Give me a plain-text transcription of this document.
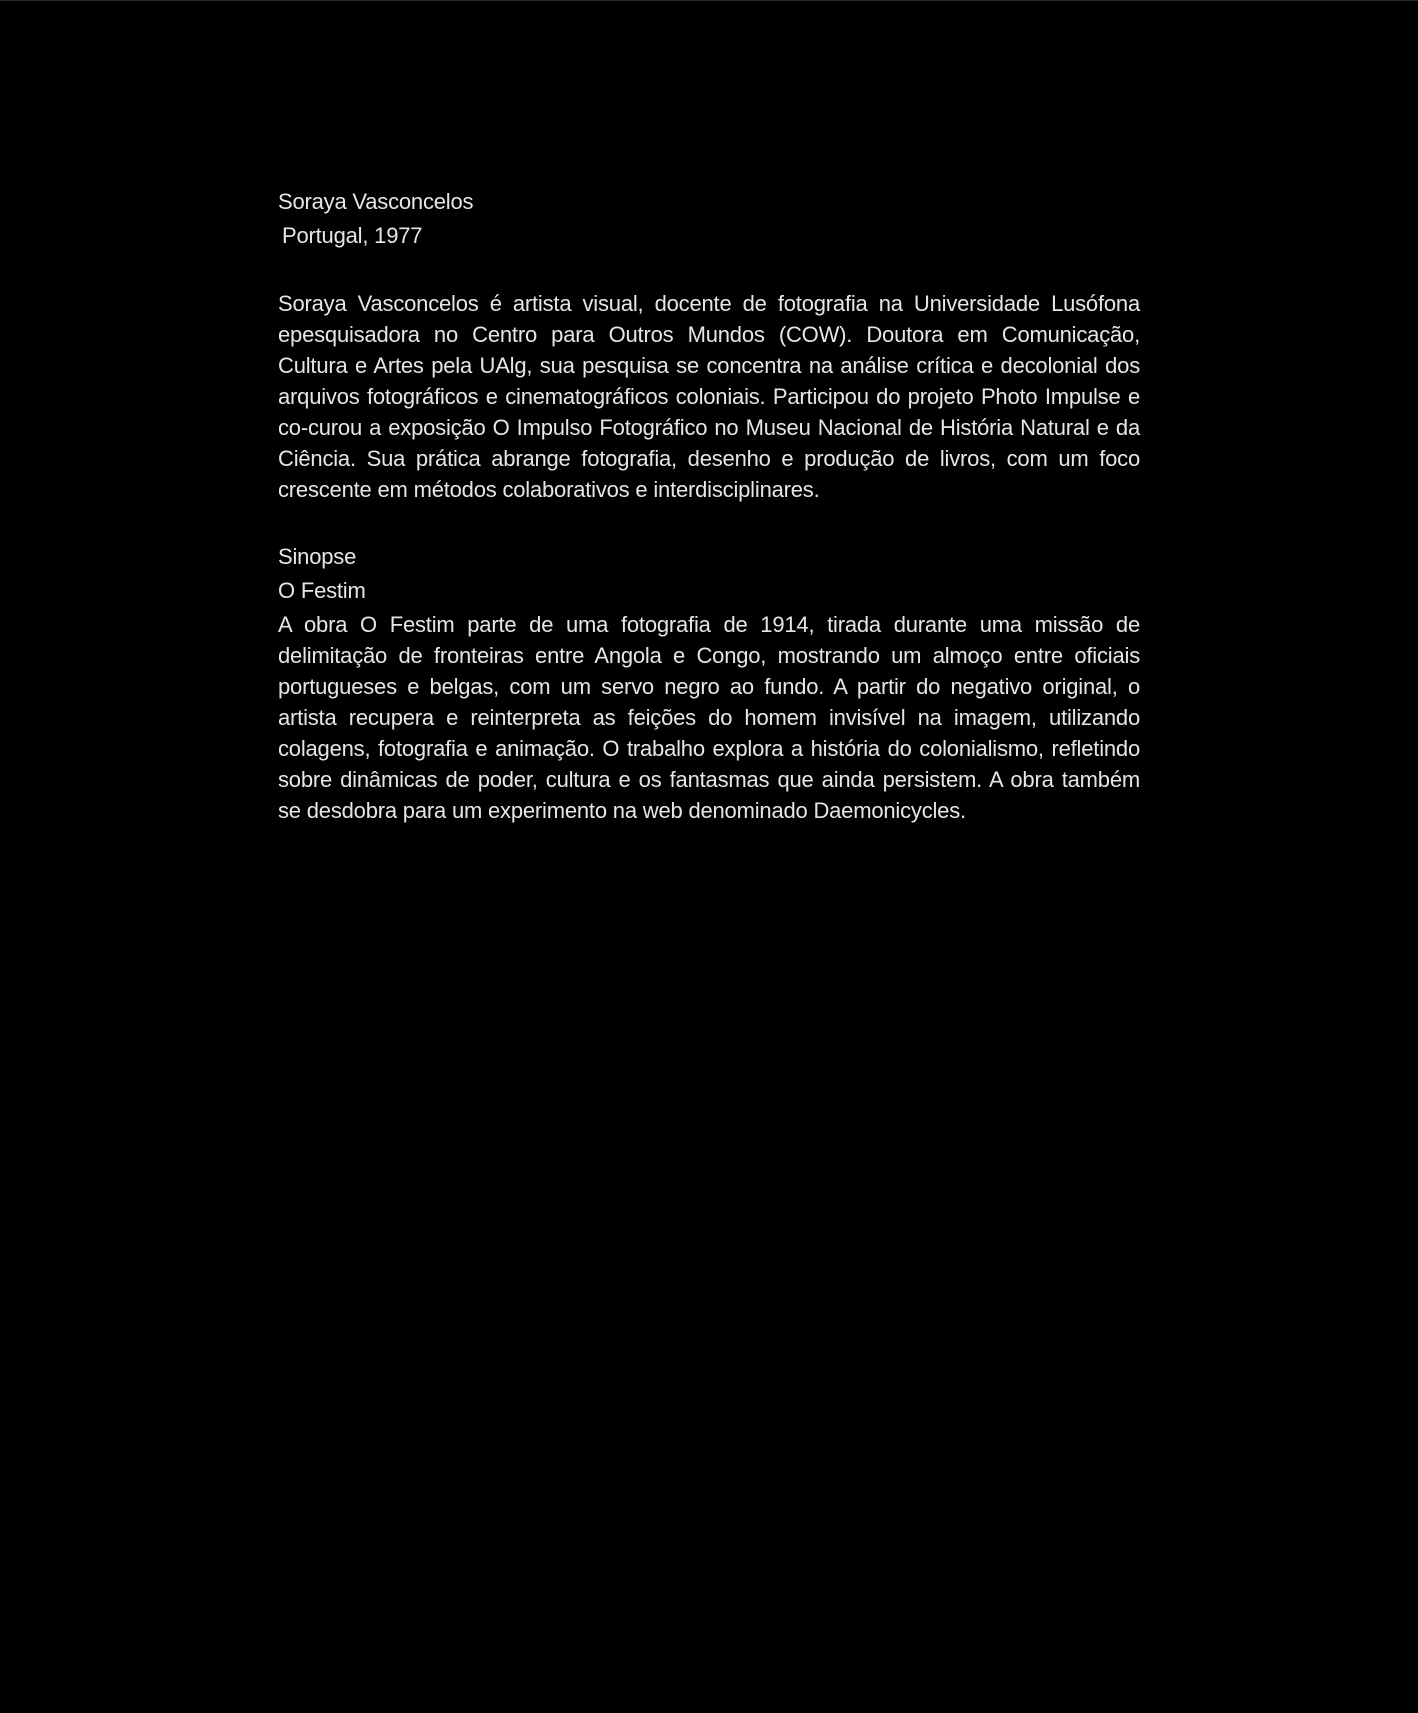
Soraya Vasconcelos

Portugal, 1977

Soraya Vasconcelos é artista visual, docente de fotografia na Universidade Lusófona epesquisadora no Centro para Outros Mundos (COW). Doutora em Comunicação, Cultura e Artes pela UAlg, sua pesquisa se concentra na análise crítica e decolonial dos arquivos fotográficos e cinematográficos coloniais. Participou do projeto Photo Impulse e co-curou a exposição O Impulso Fotográfico no Museu Nacional de História Natural e da Ciência. Sua prática abrange fotografia, desenho e produção de livros, com um foco crescente em métodos colaborativos e interdisciplinares.

Sinopse

O Festim

A obra O Festim parte de uma fotografia de 1914, tirada durante uma missão de delimitação de fronteiras entre Angola e Congo, mostrando um almoço entre oficiais portugueses e belgas, com um servo negro ao fundo. A partir do negativo original, o artista recupera e reinterpreta as feições do homem invisível na imagem, utilizando colagens, fotografia e animação. O trabalho explora a história do colonialismo, refletindo sobre dinâmicas de poder, cultura e os fantasmas que ainda persistem. A obra também se desdobra para um experimento na web denominado Daemonicycles.
